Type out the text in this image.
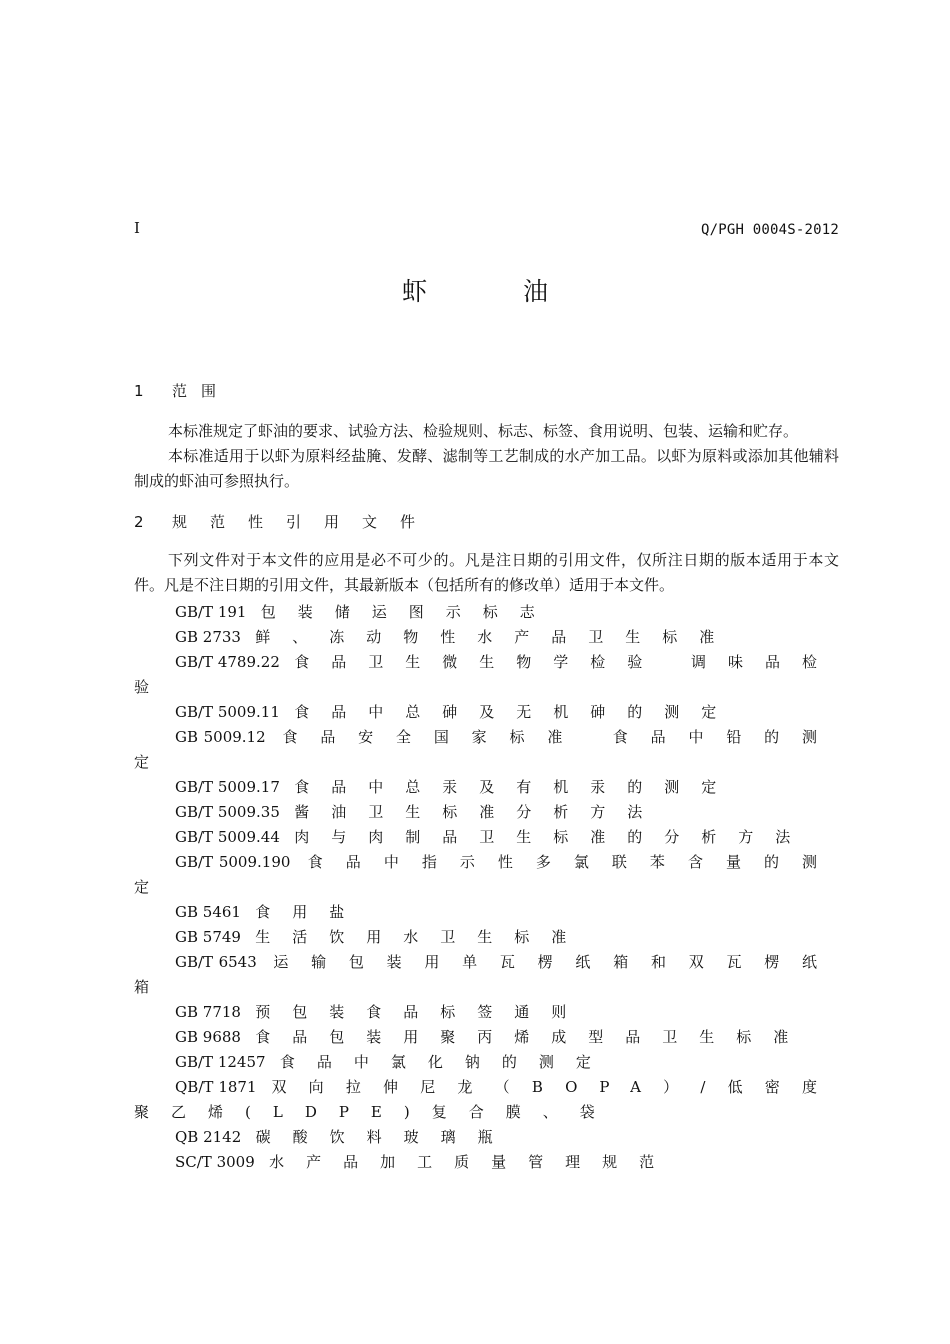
I	Q/PGH 0004S-2012
虾	油
1 范围

本标准规定了虾油的要求、试验方法、检验规则、标志、标签、食用说明、包装、运输和贮存。

本标准适用于以虾为原料经盐腌、发酵、滤制等工艺制成的水产加工品。以虾为原料或添加其他辅料制成的虾油可参照执行。

2 规范性引用文件

下列文件对于本文件的应用是必不可少的。凡是注日期的引用文件，仅所注日期的版本适用于本文件。凡是不注日期的引用文件，其最新版本（包括所有的修改单）适用于本文件。

GB/T 191 包装储运图示标志
GB 2733 鲜、冻动物性水产品卫生标准
GB/T 4789.22 食品卫生微生物学检验 调味品检验
GB/T 5009.11 食品中总砷及无机砷的测定
GB 5009.12 食品安全国家标准 食品中铅的测定
GB/T 5009.17 食品中总汞及有机汞的测定
GB/T 5009.35 酱油卫生标准分析方法
GB/T 5009.44 肉与肉制品卫生标准的分析方法
GB/T 5009.190 食品中指示性多氯联苯含量的测定
GB 5461 食用盐
GB 5749 生活饮用水卫生标准
GB/T 6543 运输包装用单瓦楞纸箱和双瓦楞纸箱
GB 7718 预包装食品标签通则
GB 9688 食品包装用聚丙烯成型品卫生标准
GB/T 12457 食品中氯化钠的测定
QB/T 1871 双向拉伸尼龙（BOPA）/低密度聚乙烯(LDPE)复合膜、袋
QB 2142 碳酸饮料玻璃瓶
SC/T 3009 水产品加工质量管理规范
